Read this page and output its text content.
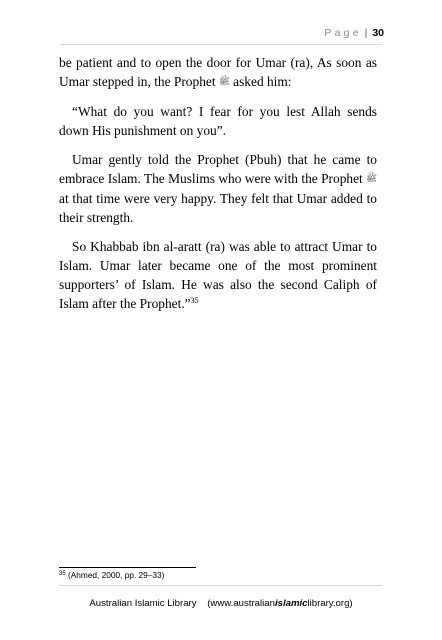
Page | 30

be patient and to open the door for Umar (ra), As soon as Umar stepped in, the Prophet ﷺ asked him:

“What do you want? I fear for you lest Allah sends down His punishment on you”.

Umar gently told the Prophet (Pbuh) that he came to embrace Islam. The Muslims who were with the Prophet ﷺ at that time were very happy. They felt that Umar added to their strength.

So Khabbab ibn al-aratt (ra) was able to attract Umar to Islam. Umar later became one of the most prominent supporters’ of Islam. He was also the second Caliph of Islam after the Prophet.”$^{35}$

$^{35}$ (Ahmed, 2000, pp. 29–33)
Australian Islamic Library (www.australianislamiclibrary.org)
